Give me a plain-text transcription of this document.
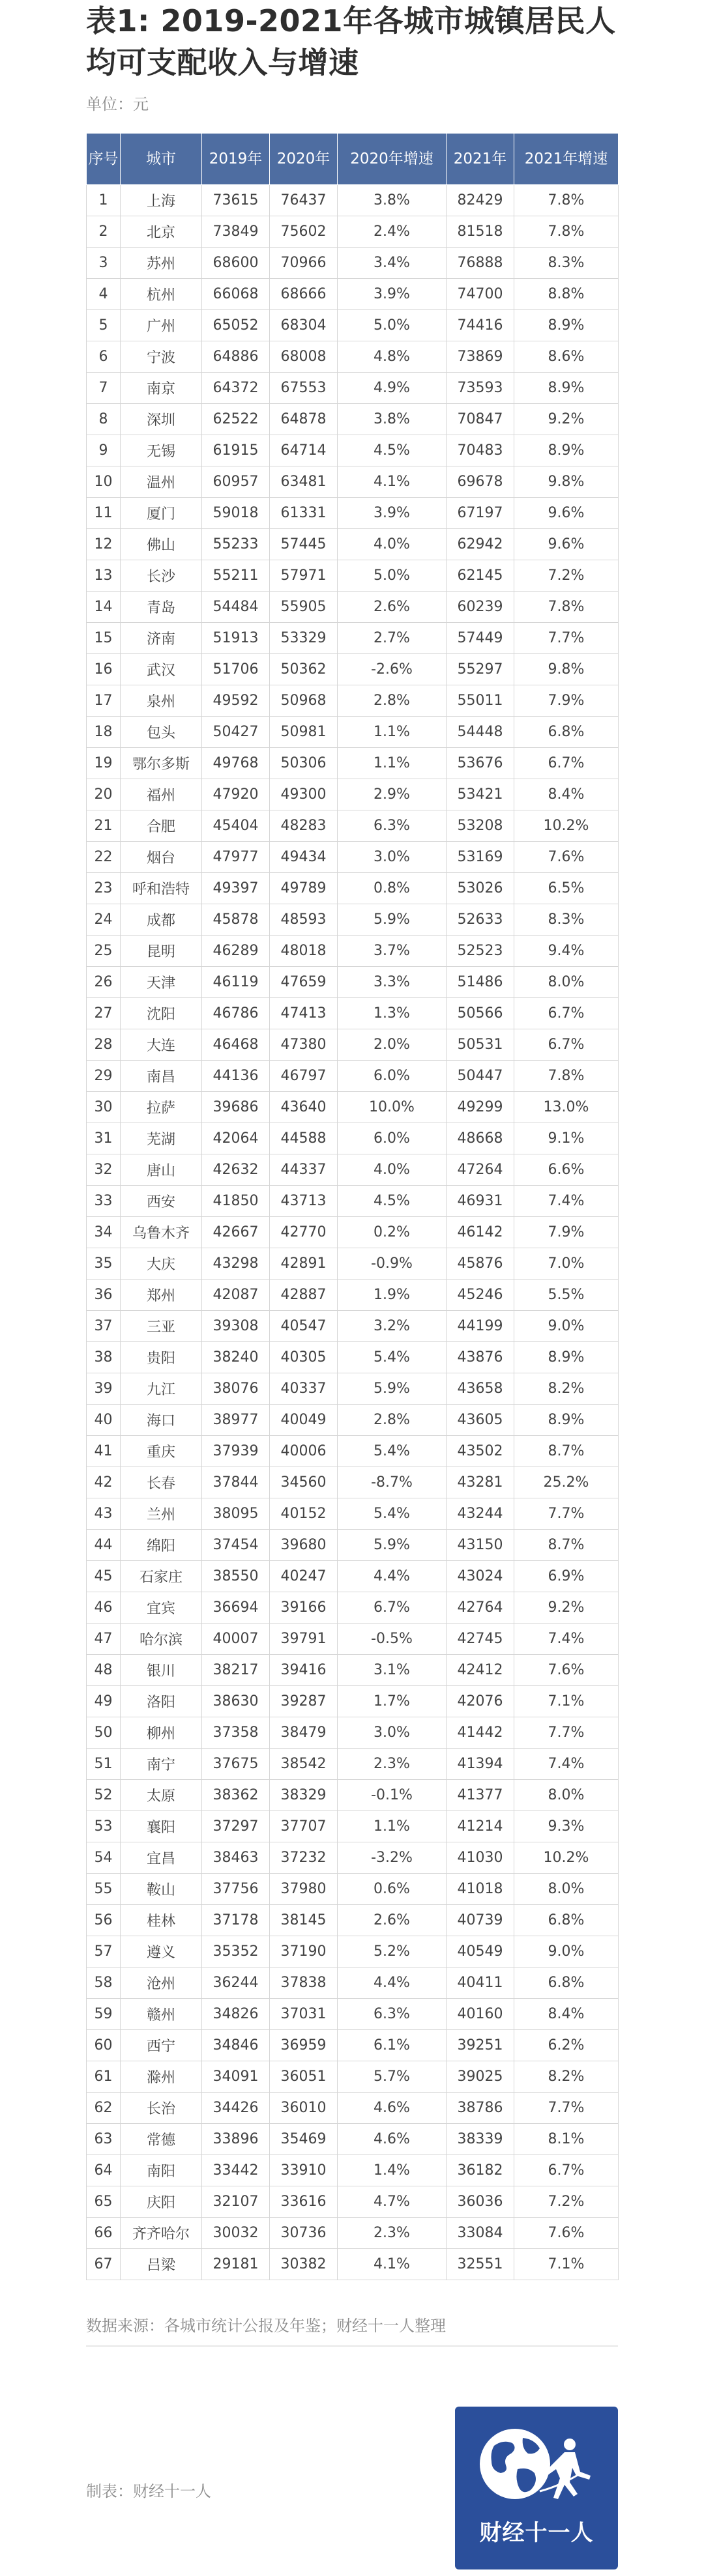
表1: 2019-2021年各城市城镇居民人均可支配收入与增速
单位：元
序号	城市	2019年	2020年	2020年增速	2021年	2021年增速
1	上海	73615	76437	3.8%	82429	7.8%
2	北京	73849	75602	2.4%	81518	7.8%
3	苏州	68600	70966	3.4%	76888	8.3%
4	杭州	66068	68666	3.9%	74700	8.8%
5	广州	65052	68304	5.0%	74416	8.9%
6	宁波	64886	68008	4.8%	73869	8.6%
7	南京	64372	67553	4.9%	73593	8.9%
8	深圳	62522	64878	3.8%	70847	9.2%
9	无锡	61915	64714	4.5%	70483	8.9%
10	温州	60957	63481	4.1%	69678	9.8%
11	厦门	59018	61331	3.9%	67197	9.6%
12	佛山	55233	57445	4.0%	62942	9.6%
13	长沙	55211	57971	5.0%	62145	7.2%
14	青岛	54484	55905	2.6%	60239	7.8%
15	济南	51913	53329	2.7%	57449	7.7%
16	武汉	51706	50362	-2.6%	55297	9.8%
17	泉州	49592	50968	2.8%	55011	7.9%
18	包头	50427	50981	1.1%	54448	6.8%
19	鄂尔多斯	49768	50306	1.1%	53676	6.7%
20	福州	47920	49300	2.9%	53421	8.4%
21	合肥	45404	48283	6.3%	53208	10.2%
22	烟台	47977	49434	3.0%	53169	7.6%
23	呼和浩特	49397	49789	0.8%	53026	6.5%
24	成都	45878	48593	5.9%	52633	8.3%
25	昆明	46289	48018	3.7%	52523	9.4%
26	天津	46119	47659	3.3%	51486	8.0%
27	沈阳	46786	47413	1.3%	50566	6.7%
28	大连	46468	47380	2.0%	50531	6.7%
29	南昌	44136	46797	6.0%	50447	7.8%
30	拉萨	39686	43640	10.0%	49299	13.0%
31	芜湖	42064	44588	6.0%	48668	9.1%
32	唐山	42632	44337	4.0%	47264	6.6%
33	西安	41850	43713	4.5%	46931	7.4%
34	乌鲁木齐	42667	42770	0.2%	46142	7.9%
35	大庆	43298	42891	-0.9%	45876	7.0%
36	郑州	42087	42887	1.9%	45246	5.5%
37	三亚	39308	40547	3.2%	44199	9.0%
38	贵阳	38240	40305	5.4%	43876	8.9%
39	九江	38076	40337	5.9%	43658	8.2%
40	海口	38977	40049	2.8%	43605	8.9%
41	重庆	37939	40006	5.4%	43502	8.7%
42	长春	37844	34560	-8.7%	43281	25.2%
43	兰州	38095	40152	5.4%	43244	7.7%
44	绵阳	37454	39680	5.9%	43150	8.7%
45	石家庄	38550	40247	4.4%	43024	6.9%
46	宜宾	36694	39166	6.7%	42764	9.2%
47	哈尔滨	40007	39791	-0.5%	42745	7.4%
48	银川	38217	39416	3.1%	42412	7.6%
49	洛阳	38630	39287	1.7%	42076	7.1%
50	柳州	37358	38479	3.0%	41442	7.7%
51	南宁	37675	38542	2.3%	41394	7.4%
52	太原	38362	38329	-0.1%	41377	8.0%
53	襄阳	37297	37707	1.1%	41214	9.3%
54	宜昌	38463	37232	-3.2%	41030	10.2%
55	鞍山	37756	37980	0.6%	41018	8.0%
56	桂林	37178	38145	2.6%	40739	6.8%
57	遵义	35352	37190	5.2%	40549	9.0%
58	沧州	36244	37838	4.4%	40411	6.8%
59	赣州	34826	37031	6.3%	40160	8.4%
60	西宁	34846	36959	6.1%	39251	6.2%
61	滁州	34091	36051	5.7%	39025	8.2%
62	长治	34426	36010	4.6%	38786	7.7%
63	常德	33896	35469	4.6%	38339	8.1%
64	南阳	33442	33910	1.4%	36182	6.7%
65	庆阳	32107	33616	4.7%	36036	7.2%
66	齐齐哈尔	30032	30736	2.3%	33084	7.6%
67	吕梁	29181	30382	4.1%	32551	7.1%
数据来源：各城市统计公报及年鉴；财经十一人整理
制表：财经十一人
财经十一人
